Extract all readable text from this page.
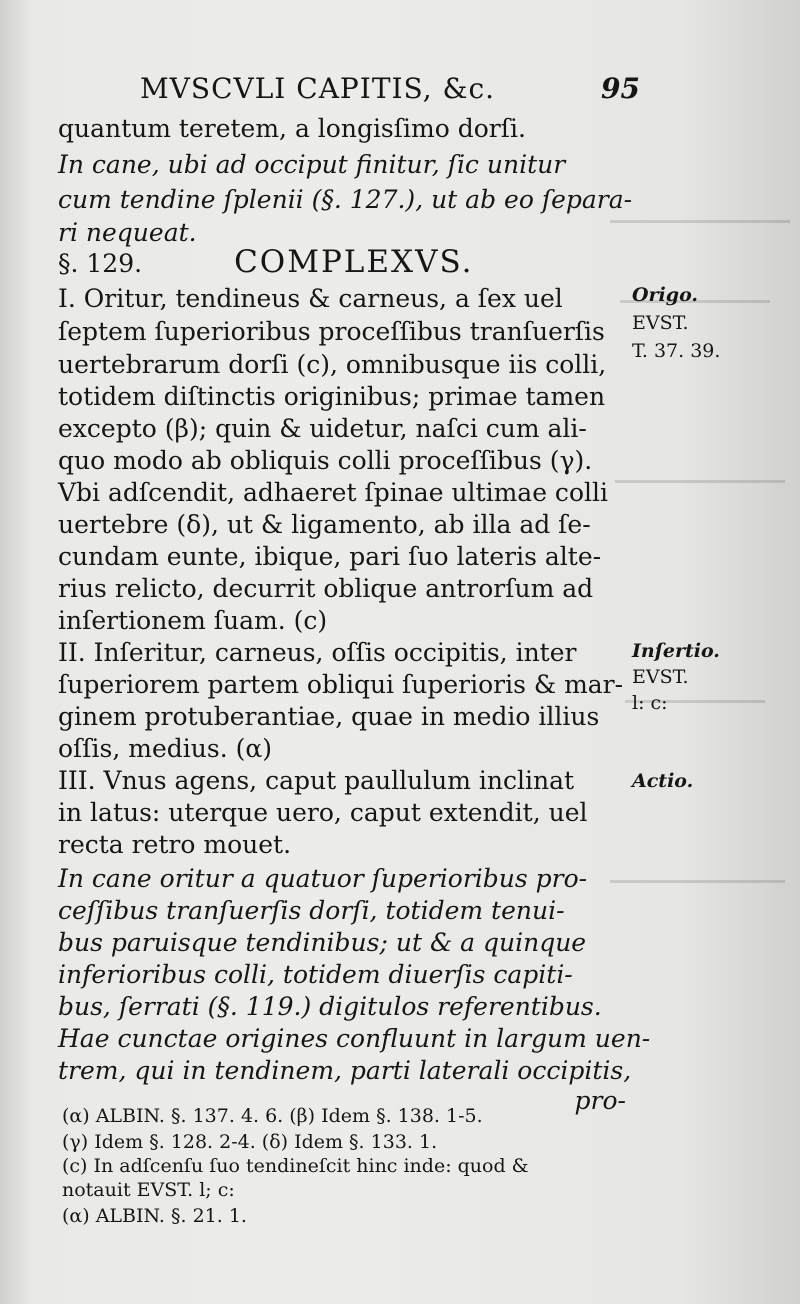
MVSCVLI CAPITIS, &c.	95
quantum teretem, a longisſimo dorſi.
In cane, ubi ad occiput finitur, ſic unitur
cum tendine ſplenii (§. 127.), ut ab eo ſepara-
ri nequeat.
§. 129.	COMPLEXVS.
I. Oritur, tendineus & carneus, a ſex uel
ſeptem ſuperioribus proceſſibus tranſuerſis
uertebrarum dorſi (c), omnibusque iis colli,
totidem diſtinctis originibus; primae tamen
excepto (β); quin & uidetur, naſci cum ali-
quo modo ab obliquis colli proceſſibus (γ).
Vbi adſcendit, adhaeret ſpinae ultimae colli
uertebre (δ), ut & ligamento, ab illa ad ſe-
cundam eunte, ibique, pari ſuo lateris alte-
rius relicto, decurrit oblique antrorſum ad
inſertionem ſuam. (c)
II. Inſeritur, carneus, oſſis occipitis, inter
ſuperiorem partem obliqui ſuperioris & mar-
ginem protuberantiae, quae in medio illius
oſſis, medius. (α)
III. Vnus agens, caput paullulum inclinat
in latus: uterque uero, caput extendit, uel
recta retro mouet.
In cane oritur a quatuor ſuperioribus pro-
ceſſibus tranſuerſis dorſi, totidem tenui-
bus paruisque tendinibus; ut & a quinque
inferioribus colli, totidem diuerſis capiti-
bus, ſerrati (§. 119.) digitulos referentibus.
Hae cunctae origines confluunt in largum uen-
trem, qui in tendinem, parti laterali occipitis,
pro-
Origo.
EVST.
T. 37. 39.
Inſertio.
EVST.
l: c:
Actio.
(α) ALBIN. §. 137. 4. 6. (β) Idem §. 138. 1-5.
(γ) Idem §. 128. 2-4. (δ) Idem §. 133. 1.
(c) In adſcenſu ſuo tendineſcit hinc inde: quod &
notauit EVST. l; c:
(α) ALBIN. §. 21. 1.
